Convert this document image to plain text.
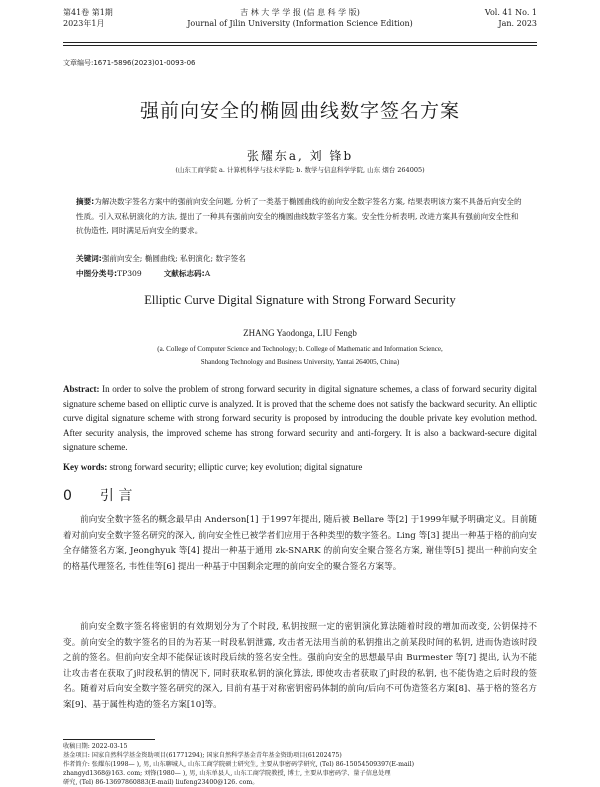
第41卷 第1期
2023年1月
吉 林 大 学 学 报 (信 息 科 学 版)
Journal of Jilin University (Information Science Edition)
Vol. 41 No. 1
Jan. 2023
文章编号:1671-5896(2023)01-0093-06
强前向安全的椭圆曲线数字签名方案
张耀东a, 刘 锋b
(山东工商学院 a. 计算机科学与技术学院; b. 数学与信息科学学院, 山东 烟台 264005)
摘要:为解决数字签名方案中的强前向安全问题, 分析了一类基于椭圆曲线的前向安全数字签名方案, 结果表明该方案不具备后向安全的性质。引入双私钥演化的方法, 提出了一种具有强前向安全的椭圆曲线数字签名方案。安全性分析表明, 改进方案具有强前向安全性和抗伪造性, 同时满足后向安全的要求。
关键词:强前向安全; 椭圆曲线; 私钥演化; 数字签名
中图分类号:TP309	文献标志码:A
Elliptic Curve Digital Signature with Strong Forward Security
ZHANG Yaodonga, LIU Fengb
(a. College of Computer Science and Technology; b. College of Mathematic and Information Science,
Shandong Technology and Business University, Yantai 264005, China)
Abstract: In order to solve the problem of strong forward security in digital signature schemes, a class of forward security digital signature scheme based on elliptic curve is analyzed. It is proved that the scheme does not satisfy the backward security. An elliptic curve digital signature scheme with strong forward security is proposed by introducing the double private key evolution method. After security analysis, the improved scheme has strong forward security and anti-forgery. It is also a backward-secure digital signature scheme.
Key words: strong forward security; elliptic curve; key evolution; digital signature
0 引 言

前向安全数字签名的概念最早由 Anderson[1] 于1997年提出, 随后被 Bellare 等[2] 于1999年赋予明确定义。目前随着对前向安全数字签名研究的深入, 前向安全性已被学者们应用于各种类型的数字签名。Ling 等[3] 提出一种基于格的前向安全存储签名方案, Jeonghyuk 等[4] 提出一种基于通用 zk-SNARK 的前向安全聚合签名方案, 谢佳等[5] 提出一种前向安全的格基代理签名, 韦性佳等[6] 提出一种基于中国剩余定理的前向安全的聚合签名方案等。

前向安全数字签名将密钥的有效期划分为了个时段, 私钥按照一定的密钥演化算法随着时段的增加而改变, 公钥保持不变。前向安全的数字签名的目的为若某一时段私钥泄露, 攻击者无法用当前的私钥推出之前某段时间的私钥, 进而伪造该时段之前的签名。但前向安全却不能保证该时段后续的签名安全性。强前向安全的思想最早由 Burmester 等[7] 提出, 认为不能让攻击者在获取了j时段私钥的情况下, 同时获取私钥的演化算法, 即使攻击者获取了j时段的私钥, 也不能伪造之后时段的签名。随着对后向安全数字签名研究的深入, 目前有基于对称密钥密码体制的前向/后向不可伪造签名方案[8]、基于格的签名方案[9]、基于属性构造的签名方案[10]等。

收稿日期: 2022-03-15
基金项目: 国家自然科学基金资助项目(61771294); 国家自然科学基金青年基金资助项目(61202475)
作者简介: 张耀东(1998— ), 男, 山东聊城人, 山东工商学院硕士研究生, 主要从事密码学研究, (Tel) 86-15054509397(E-mail)
zhangyd1368@163. com; 刘锋(1980— ), 男, 山东单县人, 山东工商学院教授, 博士, 主要从事密码学、量子信息处理
研究, (Tel) 86-13697860883(E-mail) liufeng23400@126. com。
